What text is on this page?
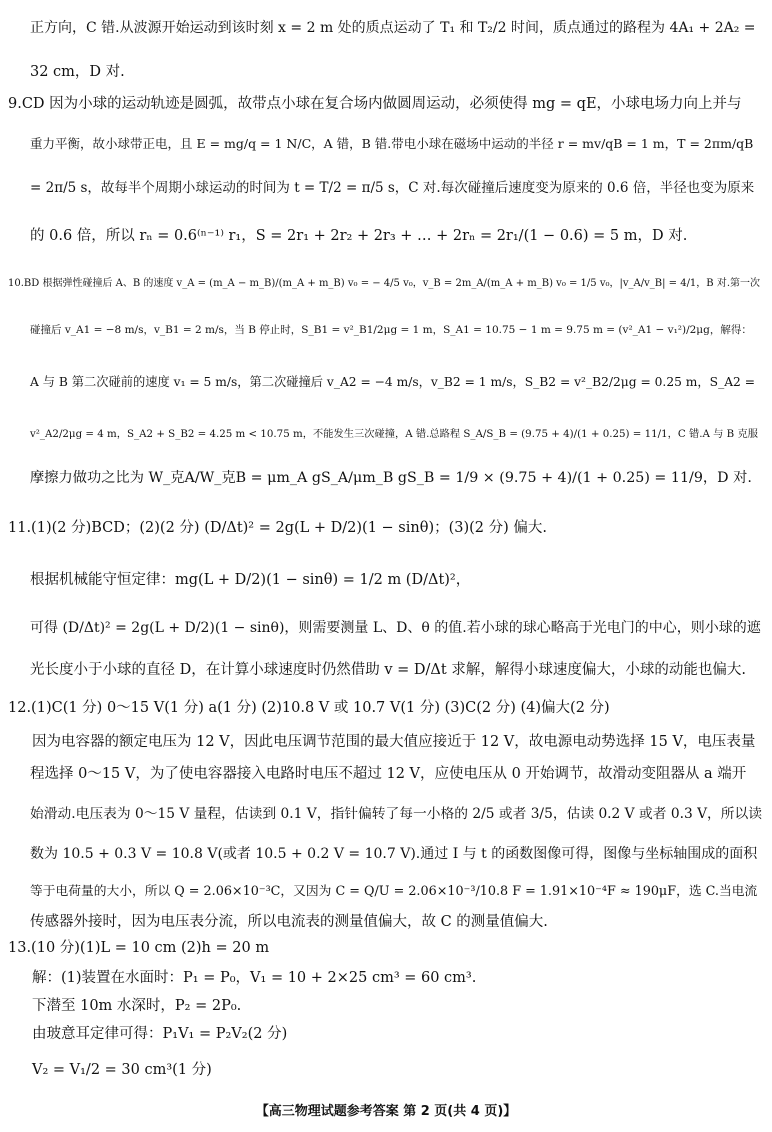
正方向，C 错.从波源开始运动到该时刻 x = 2 m 处的质点运动了 T₁ 和 T₂/2 时间，质点通过的路程为 4A₁ + 2A₂ =
32 cm，D 对.
9.CD 因为小球的运动轨迹是圆弧，故带点小球在复合场内做圆周运动，必须使得 mg = qE，小球电场力向上并与
重力平衡，故小球带正电，且 E = mg/q = 1 N/C，A 错，B 错.带电小球在磁场中运动的半径 r = mv/qB = 1 m，T = 2πm/qB
= 2π/5 s，故每半个周期小球运动的时间为 t = T/2 = π/5 s，C 对.每次碰撞后速度变为原来的 0.6 倍，半径也变为原来
的 0.6 倍，所以 rₙ = 0.6⁽ⁿ⁻¹⁾ r₁，S = 2r₁ + 2r₂ + 2r₃ + … + 2rₙ = 2r₁/(1 − 0.6) = 5 m，D 对.
10.BD 根据弹性碰撞后 A、B 的速度 v_A = (m_A − m_B)/(m_A + m_B) v₀ = − 4/5 v₀，v_B = 2m_A/(m_A + m_B) v₀ = 1/5 v₀，|v_A/v_B| = 4/1，B 对.第一次
碰撞后 v_A1 = −8 m/s，v_B1 = 2 m/s，当 B 停止时，S_B1 = v²_B1/2μg = 1 m，S_A1 = 10.75 − 1 m = 9.75 m = (v²_A1 − v₁²)/2μg，解得：
A 与 B 第二次碰前的速度 v₁ = 5 m/s，第二次碰撞后 v_A2 = −4 m/s，v_B2 = 1 m/s，S_B2 = v²_B2/2μg = 0.25 m，S_A2 =
v²_A2/2μg = 4 m，S_A2 + S_B2 = 4.25 m < 10.75 m，不能发生三次碰撞，A 错.总路程 S_A/S_B = (9.75 + 4)/(1 + 0.25) = 11/1，C 错.A 与 B 克服
摩擦力做功之比为 W_克A/W_克B = μm_A gS_A/μm_B gS_B = 1/9 × (9.75 + 4)/(1 + 0.25) = 11/9，D 对.
11.(1)(2 分)BCD；(2)(2 分) (D/Δt)² = 2g(L + D/2)(1 − sinθ)；(3)(2 分) 偏大.
根据机械能守恒定律：mg(L + D/2)(1 − sinθ) = 1/2 m (D/Δt)²，
可得 (D/Δt)² = 2g(L + D/2)(1 − sinθ)，则需要测量 L、D、θ 的值.若小球的球心略高于光电门的中心，则小球的遮
光长度小于小球的直径 D，在计算小球速度时仍然借助 v = D/Δt 求解，解得小球速度偏大，小球的动能也偏大.
12.(1)C(1 分) 0～15 V(1 分) a(1 分) (2)10.8 V 或 10.7 V(1 分) (3)C(2 分) (4)偏大(2 分)
因为电容器的额定电压为 12 V，因此电压调节范围的最大值应接近于 12 V，故电源电动势选择 15 V，电压表量
程选择 0～15 V，为了使电容器接入电路时电压不超过 12 V，应使电压从 0 开始调节，故滑动变阻器从 a 端开
始滑动.电压表为 0～15 V 量程，估读到 0.1 V，指针偏转了每一小格的 2/5 或者 3/5，估读 0.2 V 或者 0.3 V，所以读
数为 10.5 + 0.3 V = 10.8 V(或者 10.5 + 0.2 V = 10.7 V).通过 I 与 t 的函数图像可得，图像与坐标轴围成的面积
等于电荷量的大小，所以 Q = 2.06×10⁻³C，又因为 C = Q/U = 2.06×10⁻³/10.8 F = 1.91×10⁻⁴F ≈ 190μF，选 C.当电流
传感器外接时，因为电压表分流，所以电流表的测量值偏大，故 C 的测量值偏大.
13.(10 分)(1)L = 10 cm (2)h = 20 m
解：(1)装置在水面时：P₁ = P₀，V₁ = 10 + 2×25 cm³ = 60 cm³.
下潜至 10m 水深时，P₂ = 2P₀.
由玻意耳定律可得：P₁V₁ = P₂V₂(2 分)
V₂ = V₁/2 = 30 cm³(1 分)
【高三物理试题参考答案 第 2 页(共 4 页)】
